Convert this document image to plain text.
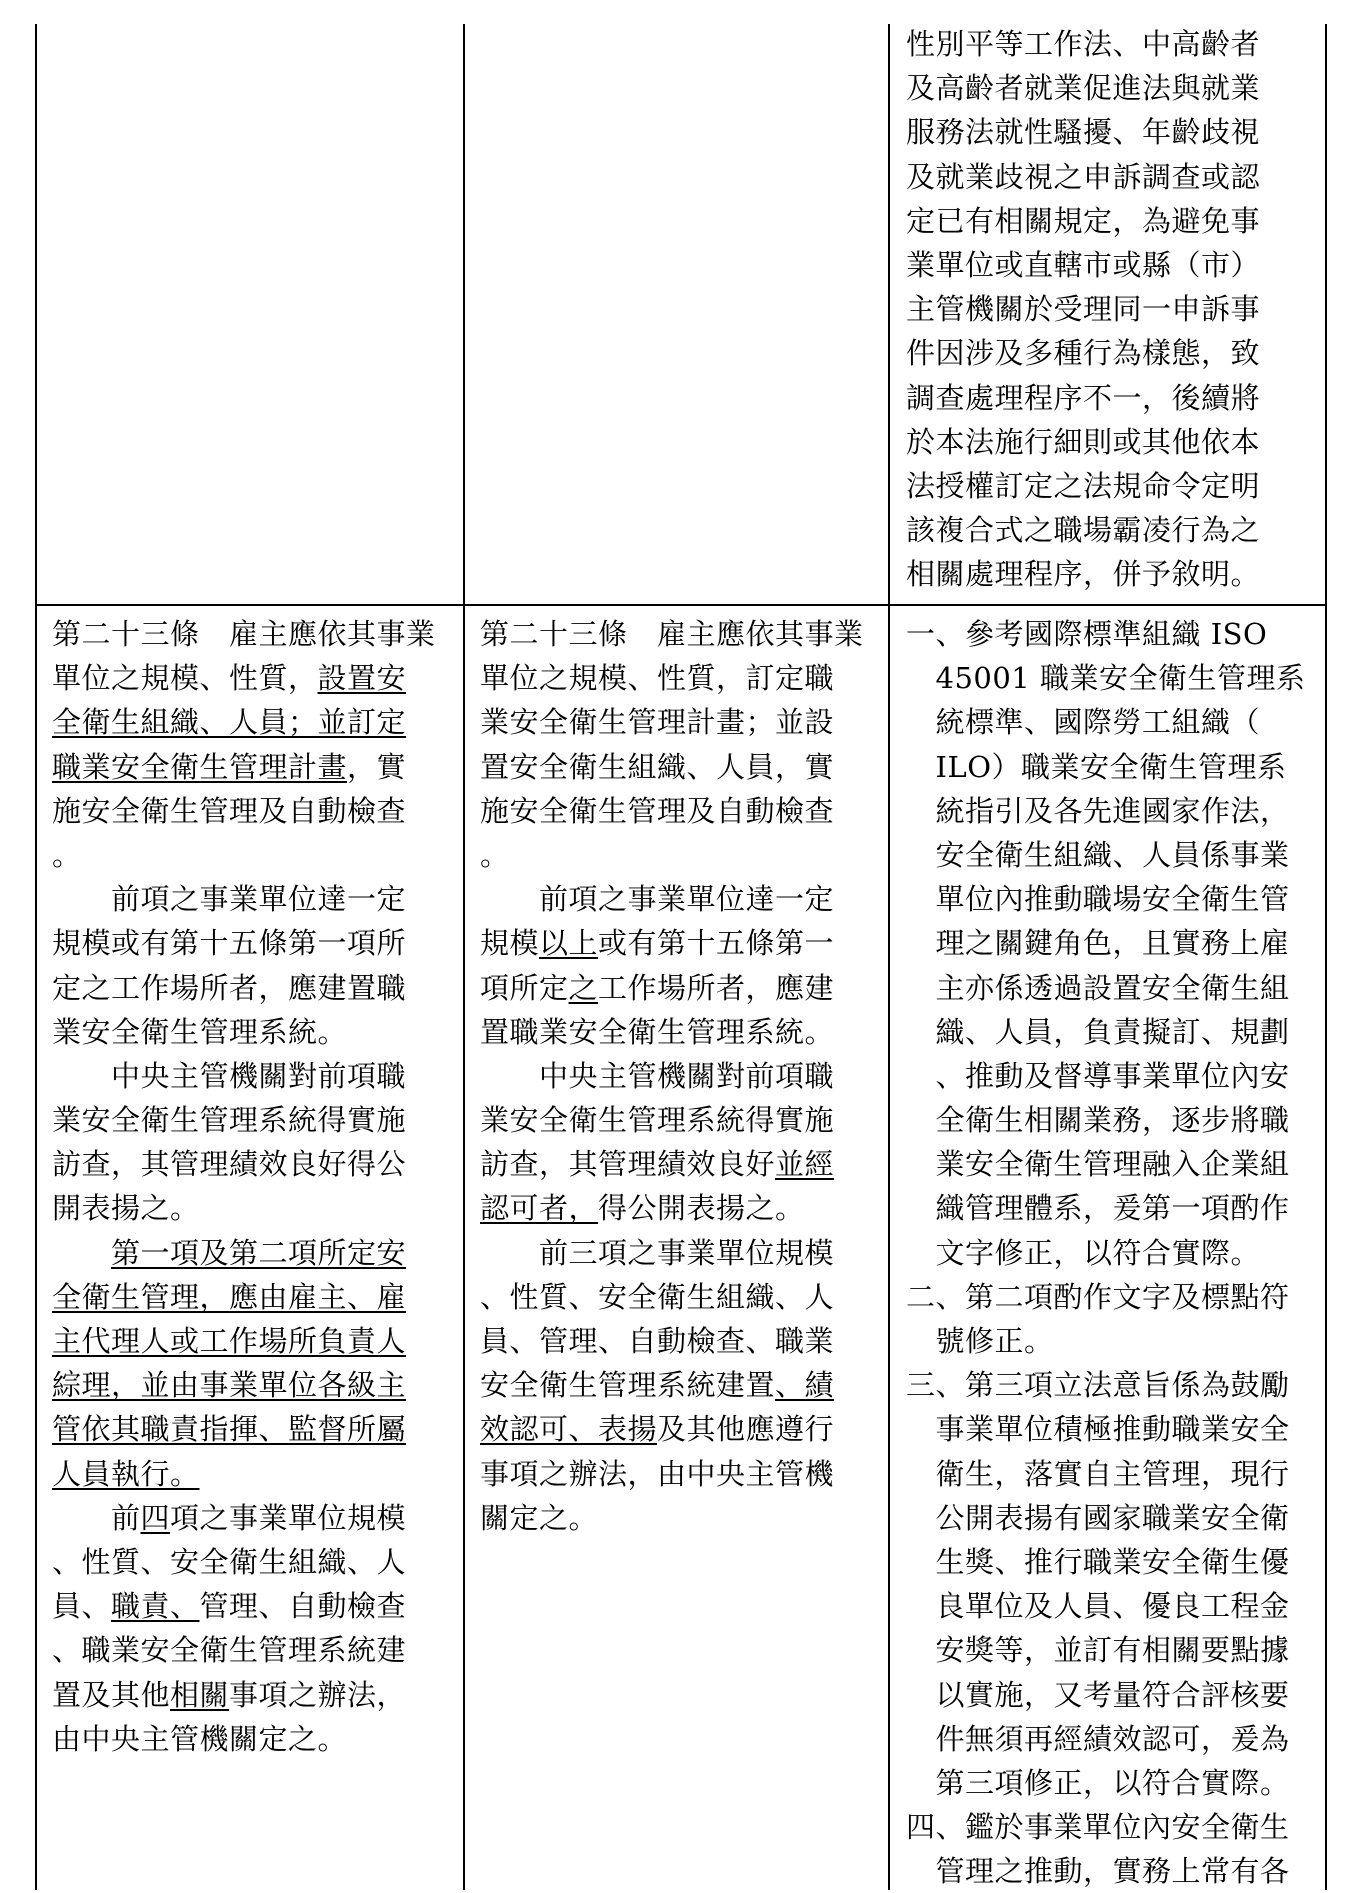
性別平等工作法、中高齡者
及高齡者就業促進法與就業
服務法就性騷擾、年齡歧視
及就業歧視之申訴調查或認
定已有相關規定，為避免事
業單位或直轄市或縣（市）
主管機關於受理同一申訴事
件因涉及多種行為樣態，致
調查處理程序不一，後續將
於本法施行細則或其他依本
法授權訂定之法規命令定明
該複合式之職場霸凌行為之
相關處理程序，併予敘明。
第二十三條　雇主應依其事業
單位之規模、性質，設置安
全衛生組織、人員；並訂定
職業安全衛生管理計畫，實
施安全衛生管理及自動檢查
。
　　前項之事業單位達一定
規模或有第十五條第一項所
定之工作場所者，應建置職
業安全衛生管理系統。
　　中央主管機關對前項職
業安全衛生管理系統得實施
訪查，其管理績效良好得公
開表揚之。
　　第一項及第二項所定安
全衛生管理，應由雇主、雇
主代理人或工作場所負責人
綜理，並由事業單位各級主
管依其職責指揮、監督所屬
人員執行。
　　前四項之事業單位規模
、性質、安全衛生組織、人
員、職責、管理、自動檢查
、職業安全衛生管理系統建
置及其他相關事項之辦法，
由中央主管機關定之。
第二十三條　雇主應依其事業
單位之規模、性質，訂定職
業安全衛生管理計畫；並設
置安全衛生組織、人員，實
施安全衛生管理及自動檢查
。
　　前項之事業單位達一定
規模以上或有第十五條第一
項所定之工作場所者，應建
置職業安全衛生管理系統。
　　中央主管機關對前項職
業安全衛生管理系統得實施
訪查，其管理績效良好並經
認可者，得公開表揚之。
　　前三項之事業單位規模
、性質、安全衛生組織、人
員、管理、自動檢查、職業
安全衛生管理系統建置、績
效認可、表揚及其他應遵行
事項之辦法，由中央主管機
關定之。
一、參考國際標準組織 ISO
　45001 職業安全衛生管理系
　統標準、國際勞工組織（
　ILO）職業安全衛生管理系
　統指引及各先進國家作法，
　安全衛生組織、人員係事業
　單位內推動職場安全衛生管
　理之關鍵角色，且實務上雇
　主亦係透過設置安全衛生組
　織、人員，負責擬訂、規劃
　、推動及督導事業單位內安
　全衛生相關業務，逐步將職
　業安全衛生管理融入企業組
　織管理體系，爰第一項酌作
　文字修正，以符合實際。
二、第二項酌作文字及標點符
　號修正。
三、第三項立法意旨係為鼓勵
　事業單位積極推動職業安全
　衛生，落實自主管理，現行
　公開表揚有國家職業安全衛
　生獎、推行職業安全衛生優
　良單位及人員、優良工程金
　安獎等，並訂有相關要點據
　以實施，又考量符合評核要
　件無須再經績效認可，爰為
　第三項修正，以符合實際。
四、鑑於事業單位內安全衛生
　管理之推動，實務上常有各
